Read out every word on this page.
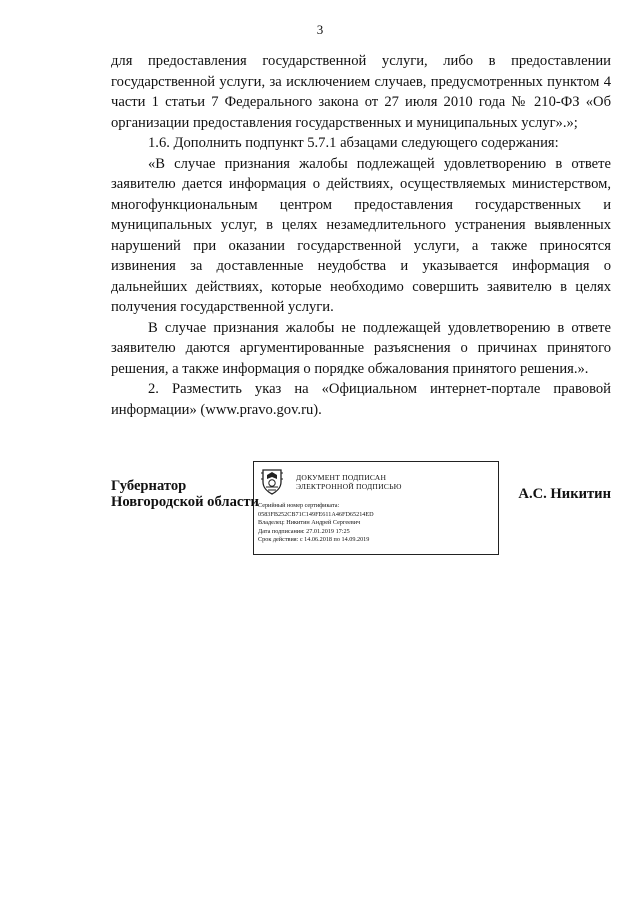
3

для предоставления государственной услуги, либо в предоставлении государственной услуги, за исключением случаев, предусмотренных пунктом 4 части 1 статьи 7 Федерального закона от 27 июля 2010 года № 210-ФЗ «Об организации предоставления государственных и муниципальных услуг».»;

1.6. Дополнить подпункт 5.7.1 абзацами следующего содержания:

«В случае признания жалобы подлежащей удовлетворению в ответе заявителю дается информация о действиях, осуществляемых министерством, многофункциональным центром предоставления государственных и муниципальных услуг, в целях незамедлительного устранения выявленных нарушений при оказании государственной услуги, а также приносятся извинения за доставленные неудобства и указывается информация о дальнейших действиях, которые необходимо совершить заявителю в целях получения государственной услуги.

В случае признания жалобы не подлежащей удовлетворению в ответе заявителю даются аргументированные разъяснения о причинах принятого решения, а также информация о порядке обжалования принятого решения.».

2. Разместить указ на «Официальном интернет-портале правовой информации» (www.pravo.gov.ru).

Губернатор
Новгородской области
ДОКУМЕНТ ПОДПИСАН
ЭЛЕКТРОННОЙ ПОДПИСЬЮ
Серийный номер сертификата:
0583FB252CB71C149FE611A46FD65214ED
Владелец: Никитин Андрей Сергеевич
Дата подписания: 27.01.2019 17:25
Срок действия: с 14.06.2018 по 14.09.2019
А.С. Никитин
